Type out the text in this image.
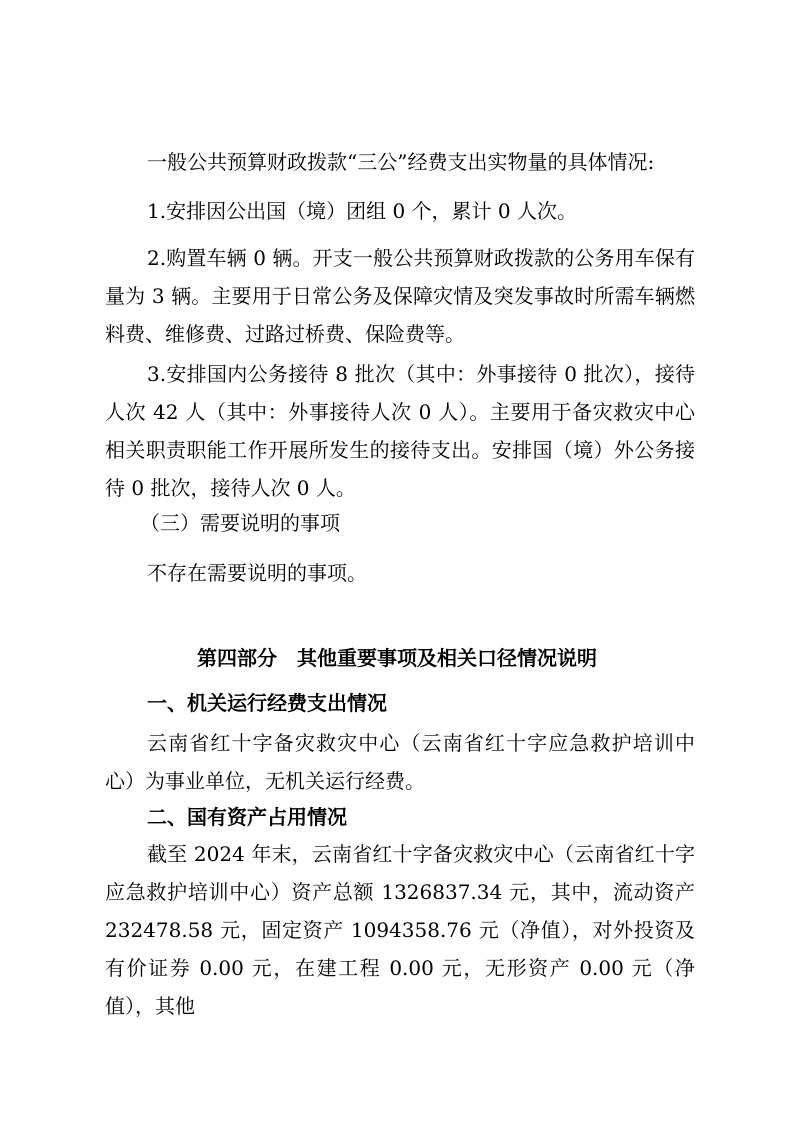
一般公共预算财政拨款“三公”经费支出实物量的具体情况:

1.安排因公出国（境）团组 0 个，累计 0 人次。

2.购置车辆 0 辆。开支一般公共预算财政拨款的公务用车保有量为 3 辆。主要用于日常公务及保障灾情及突发事故时所需车辆燃料费、维修费、过路过桥费、保险费等。

3.安排国内公务接待 8 批次（其中：外事接待 0 批次），接待人次 42 人（其中：外事接待人次 0 人）。主要用于备灾救灾中心相关职责职能工作开展所发生的接待支出。安排国（境）外公务接待 0 批次，接待人次 0 人。

（三）需要说明的事项

不存在需要说明的事项。

第四部分　其他重要事项及相关口径情况说明
一、机关运行经费支出情况

云南省红十字备灾救灾中心（云南省红十字应急救护培训中心）为事业单位，无机关运行经费。

二、国有资产占用情况

截至 2024 年末，云南省红十字备灾救灾中心（云南省红十字应急救护培训中心）资产总额 1326837.34 元，其中，流动资产 232478.58 元，固定资产 1094358.76 元（净值），对外投资及有价证券 0.00 元，在建工程 0.00 元，无形资产 0.00 元（净值），其他
